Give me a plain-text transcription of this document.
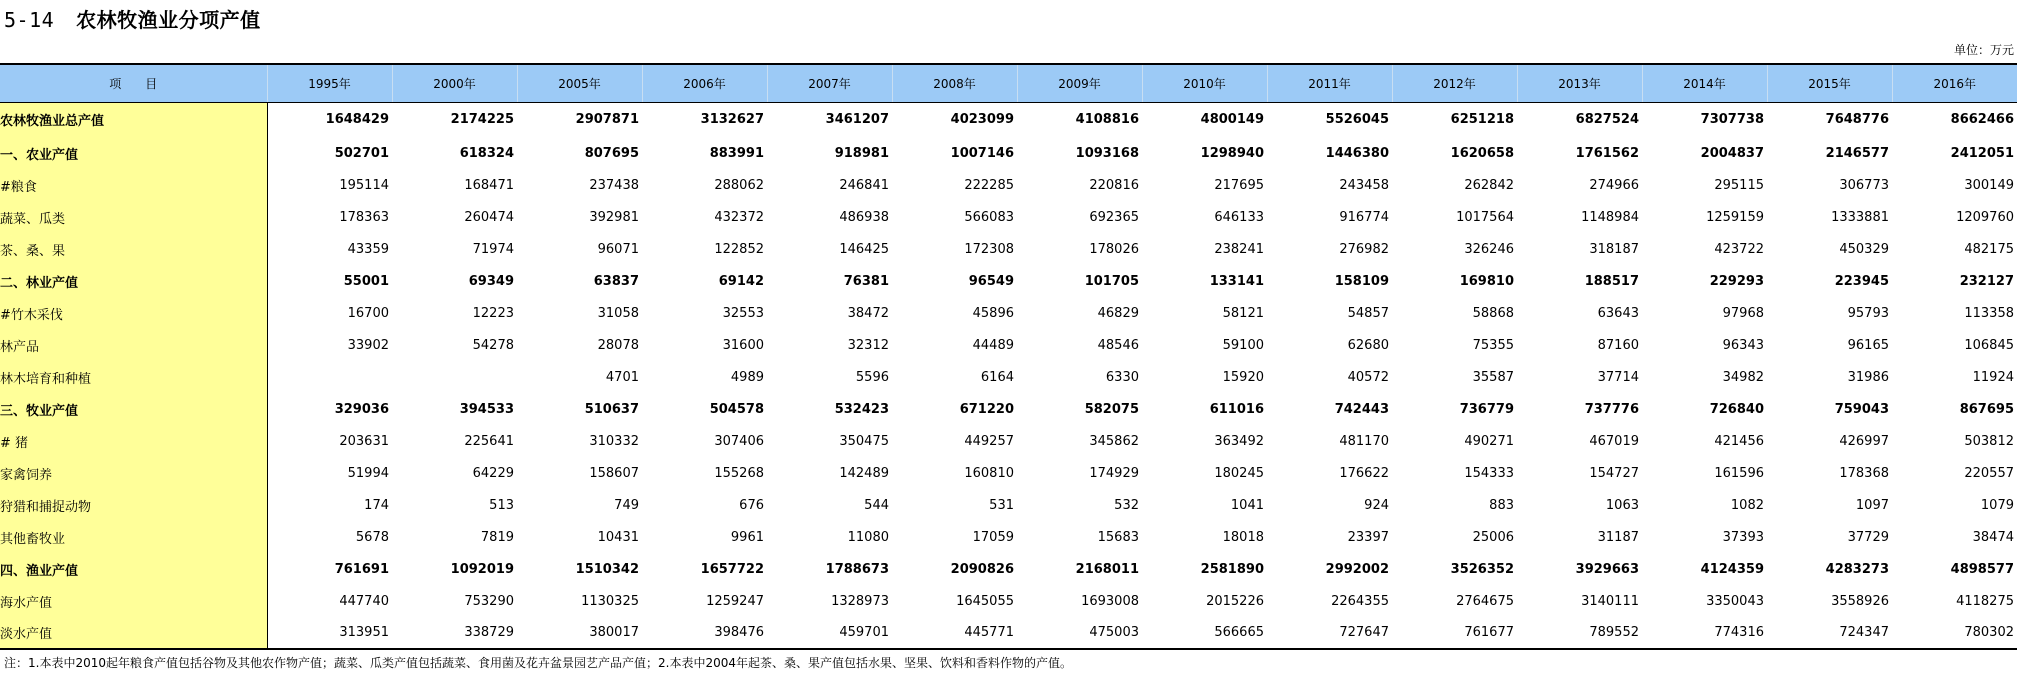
5-14 农林牧渔业分项产值
单位：万元
项　　目	1995年	2000年	2005年	2006年	2007年	2008年	2009年	2010年	2011年	2012年	2013年	2014年	2015年	2016年
农林牧渔业总产值	1648429	2174225	2907871	3132627	3461207	4023099	4108816	4800149	5526045	6251218	6827524	7307738	7648776	8662466
一、农业产值	502701	618324	807695	883991	918981	1007146	1093168	1298940	1446380	1620658	1761562	2004837	2146577	2412051
#粮食	195114	168471	237438	288062	246841	222285	220816	217695	243458	262842	274966	295115	306773	300149
蔬菜、瓜类	178363	260474	392981	432372	486938	566083	692365	646133	916774	1017564	1148984	1259159	1333881	1209760
茶、桑、果	43359	71974	96071	122852	146425	172308	178026	238241	276982	326246	318187	423722	450329	482175
二、林业产值	55001	69349	63837	69142	76381	96549	101705	133141	158109	169810	188517	229293	223945	232127
#竹木采伐	16700	12223	31058	32553	38472	45896	46829	58121	54857	58868	63643	97968	95793	113358
林产品	33902	54278	28078	31600	32312	44489	48546	59100	62680	75355	87160	96343	96165	106845
林木培育和种植			4701	4989	5596	6164	6330	15920	40572	35587	37714	34982	31986	11924
三、牧业产值	329036	394533	510637	504578	532423	671220	582075	611016	742443	736779	737776	726840	759043	867695
# 猪	203631	225641	310332	307406	350475	449257	345862	363492	481170	490271	467019	421456	426997	503812
家禽饲养	51994	64229	158607	155268	142489	160810	174929	180245	176622	154333	154727	161596	178368	220557
狩猎和捕捉动物	174	513	749	676	544	531	532	1041	924	883	1063	1082	1097	1079
其他畜牧业	5678	7819	10431	9961	11080	17059	15683	18018	23397	25006	31187	37393	37729	38474
四、渔业产值	761691	1092019	1510342	1657722	1788673	2090826	2168011	2581890	2992002	3526352	3929663	4124359	4283273	4898577
海水产值	447740	753290	1130325	1259247	1328973	1645055	1693008	2015226	2264355	2764675	3140111	3350043	3558926	4118275
淡水产值	313951	338729	380017	398476	459701	445771	475003	566665	727647	761677	789552	774316	724347	780302
注：1.本表中2010起年粮食产值包括谷物及其他农作物产值；蔬菜、瓜类产值包括蔬菜、食用菌及花卉盆景园艺产品产值；2.本表中2004年起茶、桑、果产值包括水果、坚果、饮料和香料作物的产值。
